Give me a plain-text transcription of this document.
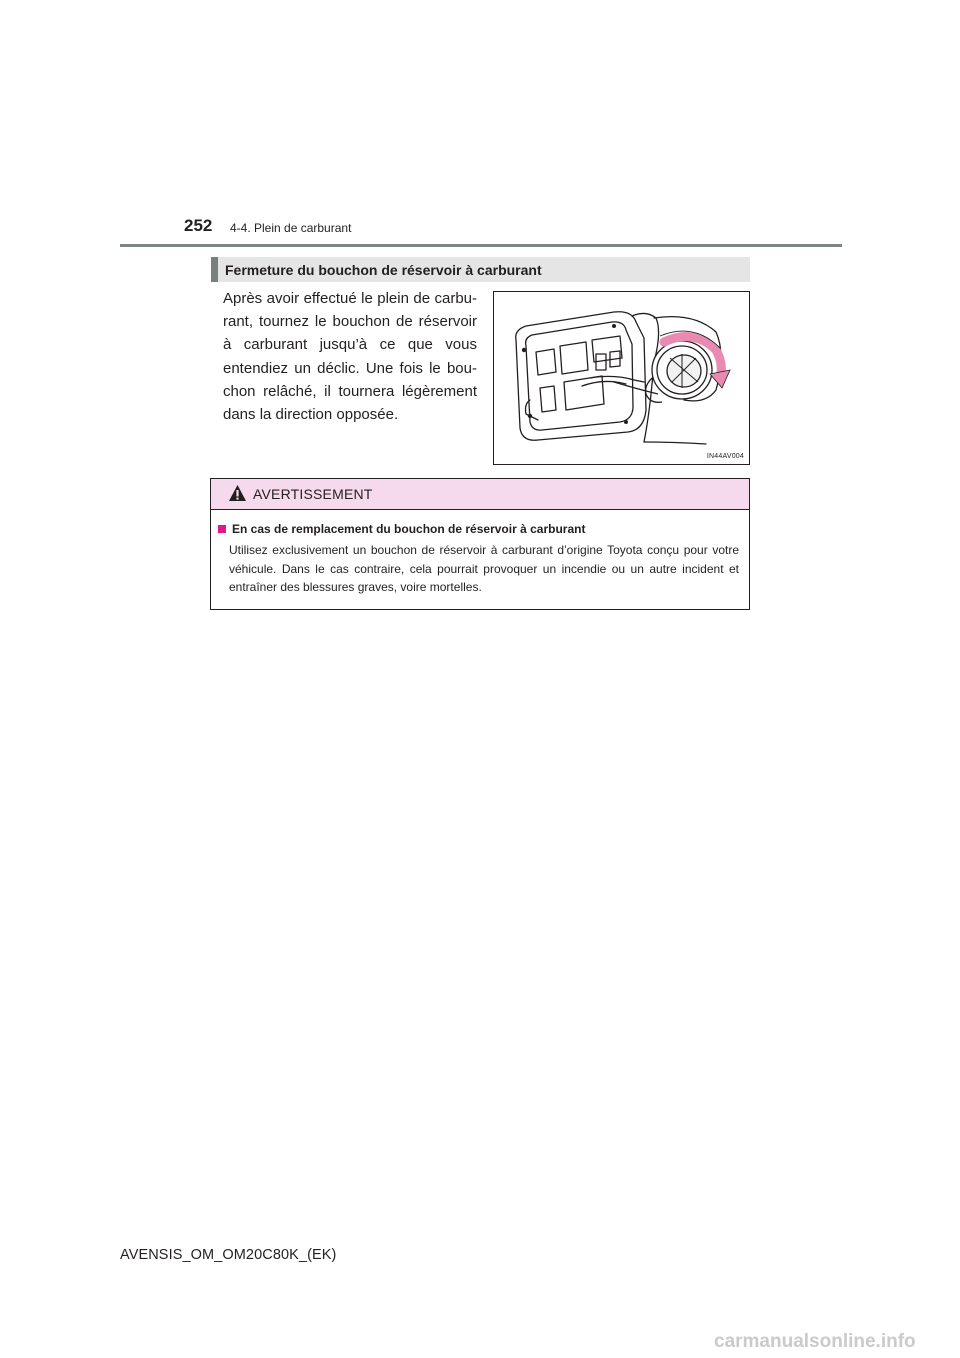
252 4-4. Plein de carburant
Fermeture du bouchon de réservoir à carburant

Après avoir effectué le plein de carbu-rant, tournez le bouchon de réservoir à carburant jusqu’à ce que vous entendiez un déclic. Une fois le bou-chon relâché, il tournera légèrement dans la direction opposée.

IN44AV004
AVERTISSEMENT
En cas de remplacement du bouchon de réservoir à carburant

Utilisez exclusivement un bouchon de réservoir à carburant d’origine Toyota conçu pour votre véhicule. Dans le cas contraire, cela pourrait provoquer un incendie ou un autre incident et entraîner des blessures graves, voire mortelles.

AVENSIS_OM_OM20C80K_(EK)
carmanualsonline.info
